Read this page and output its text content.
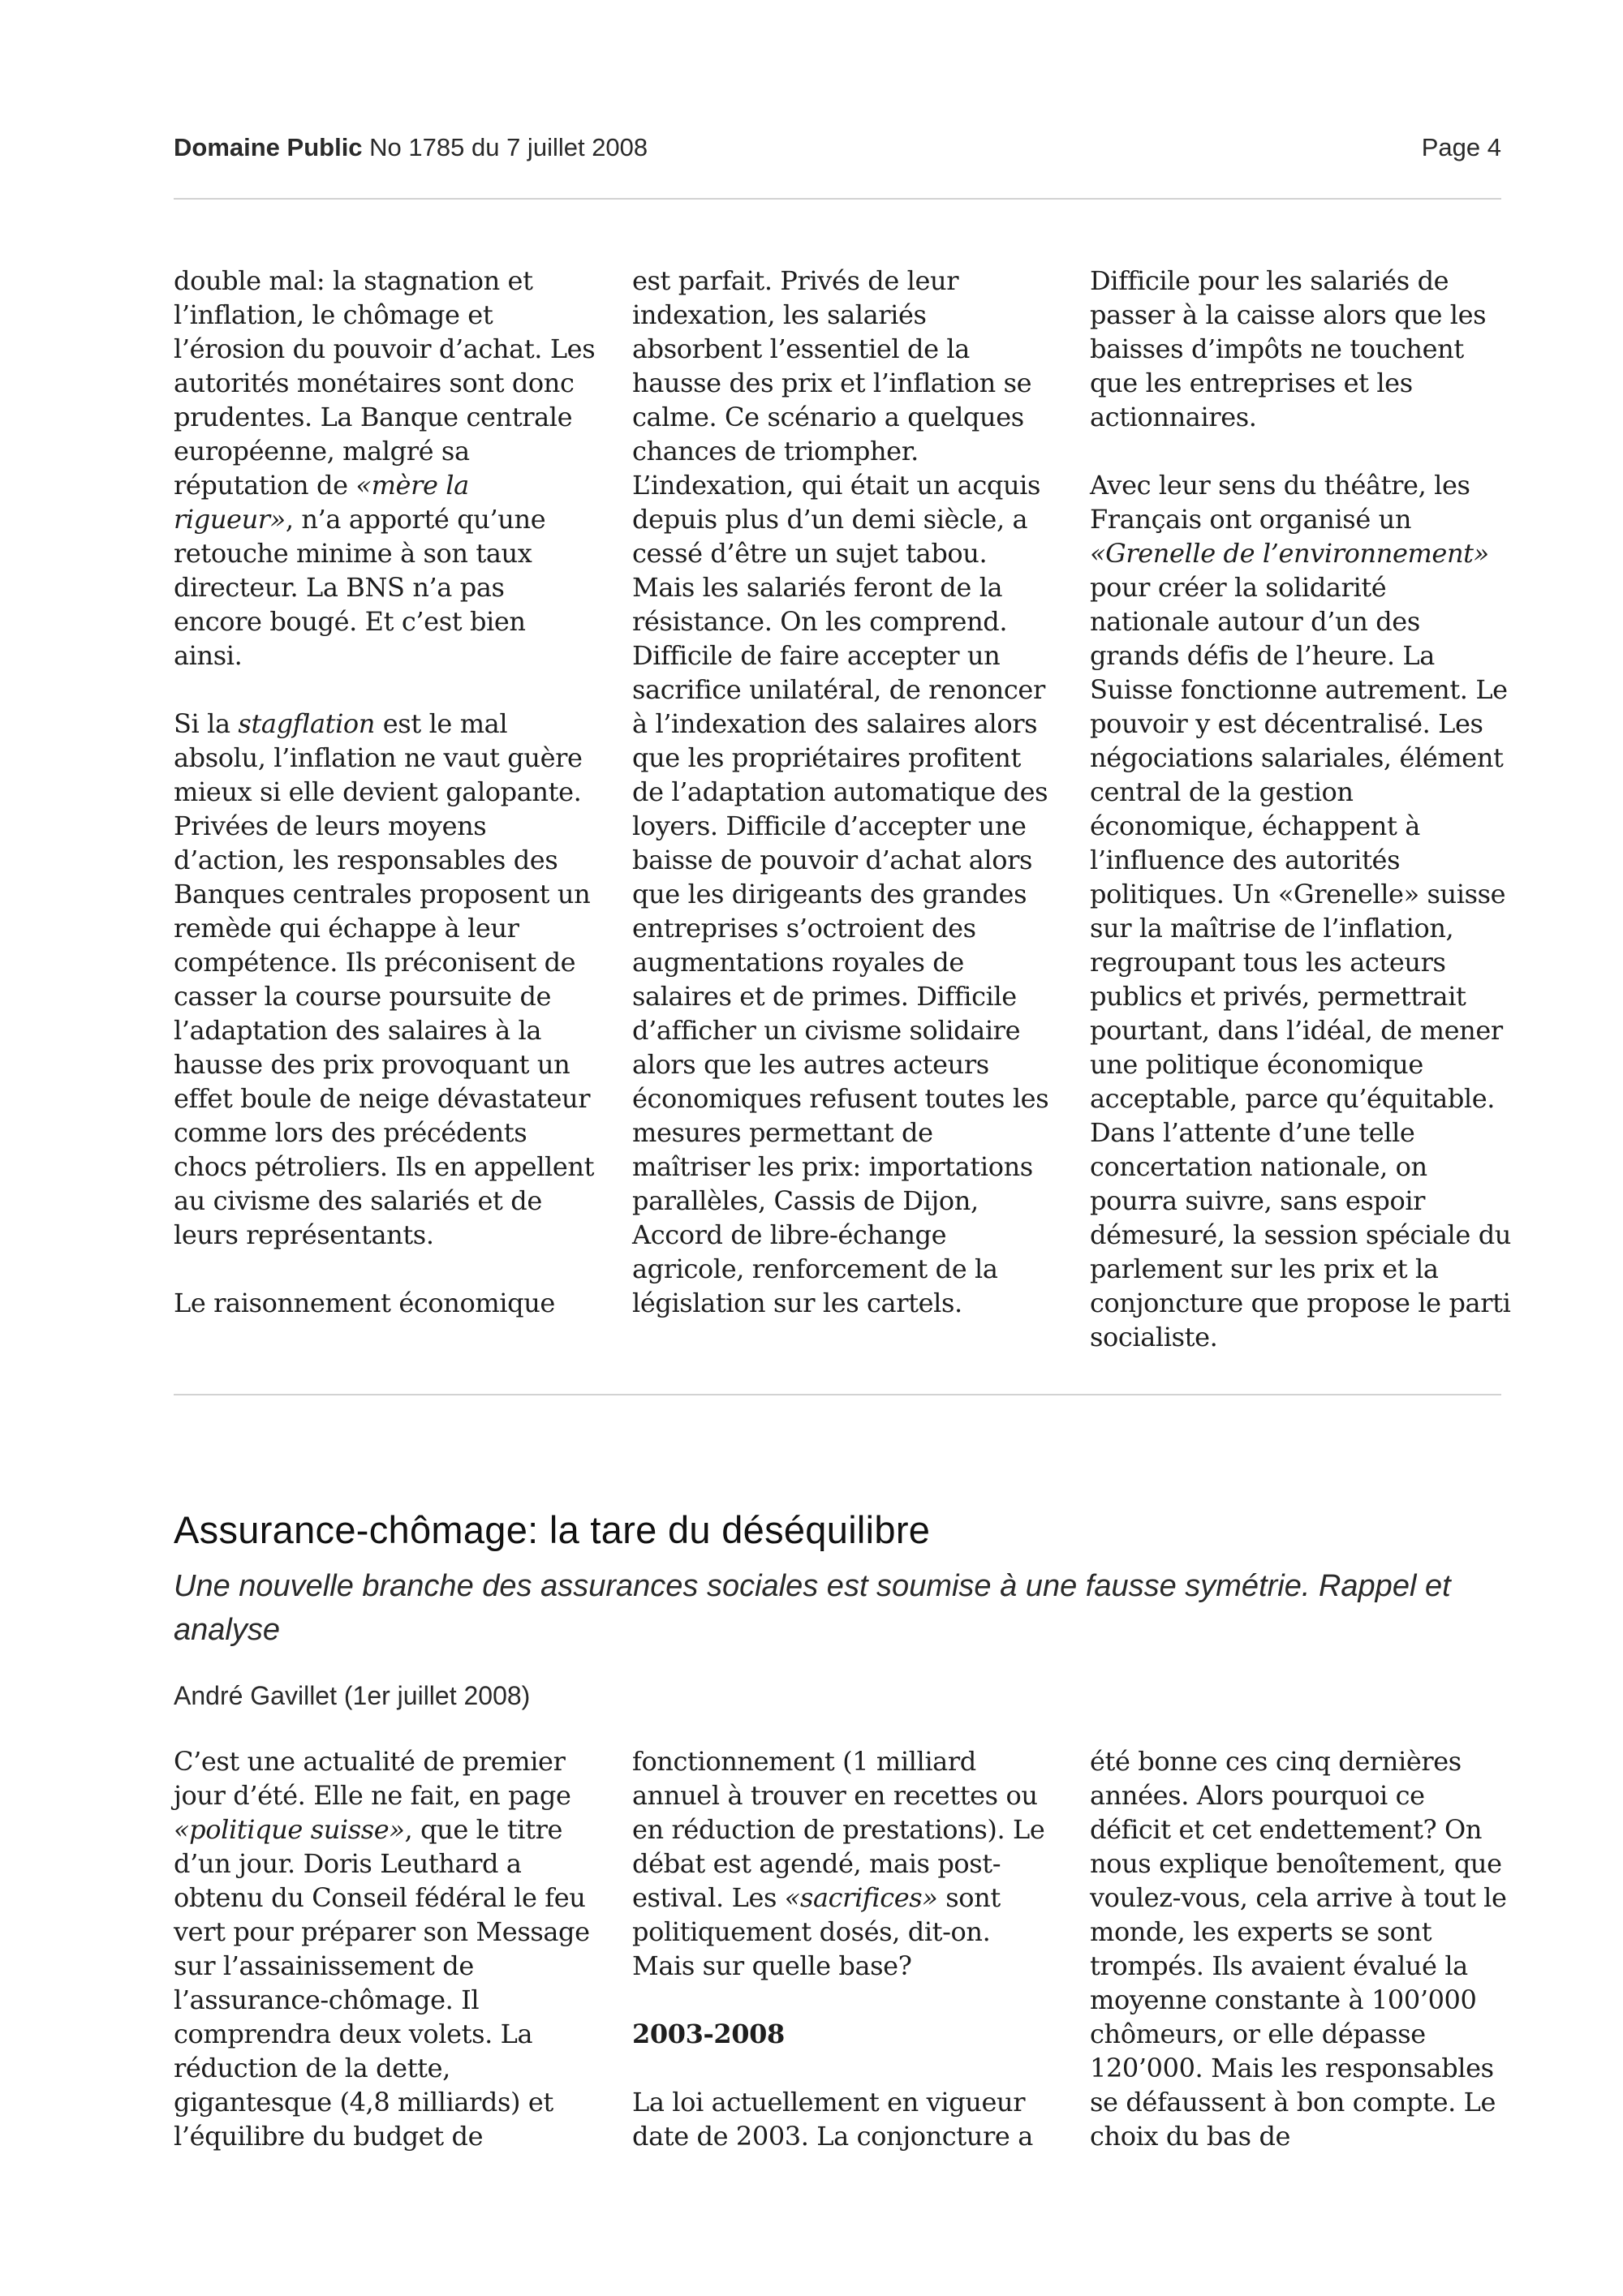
Domaine Public No 1785 du 7 juillet 2008	Page 4

double mal: la stagnation et l’inflation, le chômage et l’érosion du pouvoir d’achat. Les autorités monétaires sont donc prudentes. La Banque centrale européenne, malgré sa réputation de «mère la rigueur», n’a apporté qu’une retouche minime à son taux directeur. La BNS n’a pas encore bougé. Et c’est bien ainsi.

Si la stagflation est le mal absolu, l’inflation ne vaut guère mieux si elle devient galopante. Privées de leurs moyens d’action, les responsables des Banques centrales proposent un remède qui échappe à leur compétence. Ils préconisent de casser la course poursuite de l’adaptation des salaires à la hausse des prix provoquant un effet boule de neige dévastateur comme lors des précédents chocs pétroliers. Ils en appellent au civisme des salariés et de leurs représentants.

Le raisonnement économique

est parfait. Privés de leur indexation, les salariés absorbent l’essentiel de la hausse des prix et l’inflation se calme. Ce scénario a quelques chances de triompher. L’indexation, qui était un acquis depuis plus d’un demi siècle, a cessé d’être un sujet tabou. Mais les salariés feront de la résistance. On les comprend. Difficile de faire accepter un sacrifice unilatéral, de renoncer à l’indexation des salaires alors que les propriétaires profitent de l’adaptation automatique des loyers. Difficile d’accepter une baisse de pouvoir d’achat alors que les dirigeants des grandes entreprises s’octroient des augmentations royales de salaires et de primes. Difficile d’afficher un civisme solidaire alors que les autres acteurs économiques refusent toutes les mesures permettant de maîtriser les prix: importations parallèles, Cassis de Dijon, Accord de libre-échange agricole, renforcement de la législation sur les cartels.

Difficile pour les salariés de passer à la caisse alors que les baisses d’impôts ne touchent que les entreprises et les actionnaires.

Avec leur sens du théâtre, les Français ont organisé un «Grenelle de l’environnement» pour créer la solidarité nationale autour d’un des grands défis de l’heure. La Suisse fonctionne autrement. Le pouvoir y est décentralisé. Les négociations salariales, élément central de la gestion économique, échappent à l’influence des autorités politiques. Un «Grenelle» suisse sur la maîtrise de l’inflation, regroupant tous les acteurs publics et privés, permettrait pourtant, dans l’idéal, de mener une politique économique acceptable, parce qu’équitable. Dans l’attente d’une telle concertation nationale, on pourra suivre, sans espoir démesuré, la session spéciale du parlement sur les prix et la conjoncture que propose le parti socialiste.

Assurance-chômage: la tare du déséquilibre

Une nouvelle branche des assurances sociales est soumise à une fausse symétrie. Rappel et analyse

André Gavillet (1er juillet 2008)

C’est une actualité de premier jour d’été. Elle ne fait, en page «politique suisse», que le titre d’un jour. Doris Leuthard a obtenu du Conseil fédéral le feu vert pour préparer son Message sur l’assainissement de l’assurance-chômage. Il comprendra deux volets. La réduction de la dette, gigantesque (4,8 milliards) et l’équilibre du budget de

fonctionnement (1 milliard annuel à trouver en recettes ou en réduction de prestations). Le débat est agendé, mais post-estival. Les «sacrifices» sont politiquement dosés, dit-on. Mais sur quelle base?

2003-2008

La loi actuellement en vigueur date de 2003. La conjoncture a

été bonne ces cinq dernières années. Alors pourquoi ce déficit et cet endettement? On nous explique benoîtement, que voulez-vous, cela arrive à tout le monde, les experts se sont trompés. Ils avaient évalué la moyenne constante à 100’000 chômeurs, or elle dépasse 120’000. Mais les responsables se défaussent à bon compte. Le choix du bas de
